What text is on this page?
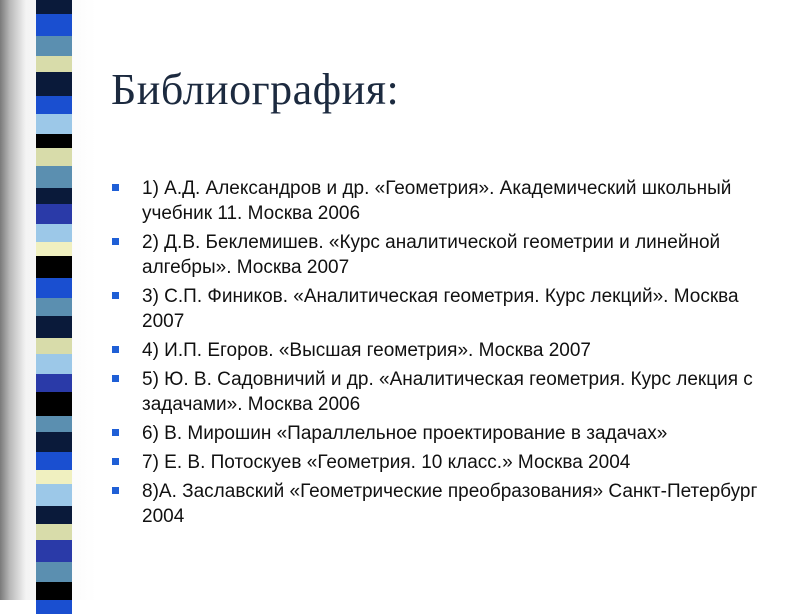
Библиография:
1) А.Д. Александров и др. «Геометрия». Академический школьный учебник 11. Москва 2006
2) Д.В. Беклемишев. «Курс аналитической геометрии и линейной алгебры». Москва 2007
3) С.П. Фиников. «Аналитическая геометрия. Курс лекций». Москва 2007
4) И.П. Егоров. «Высшая геометрия». Москва 2007
5) Ю. В. Садовничий и др. «Аналитическая геометрия. Курс лекция с задачами». Москва 2006
6) В. Мирошин «Параллельное проектирование в задачах»
7) Е. В. Потоскуев «Геометрия. 10 класс.» Москва 2004
8)А. Заславский «Геометрические преобразования» Санкт-Петербург 2004
